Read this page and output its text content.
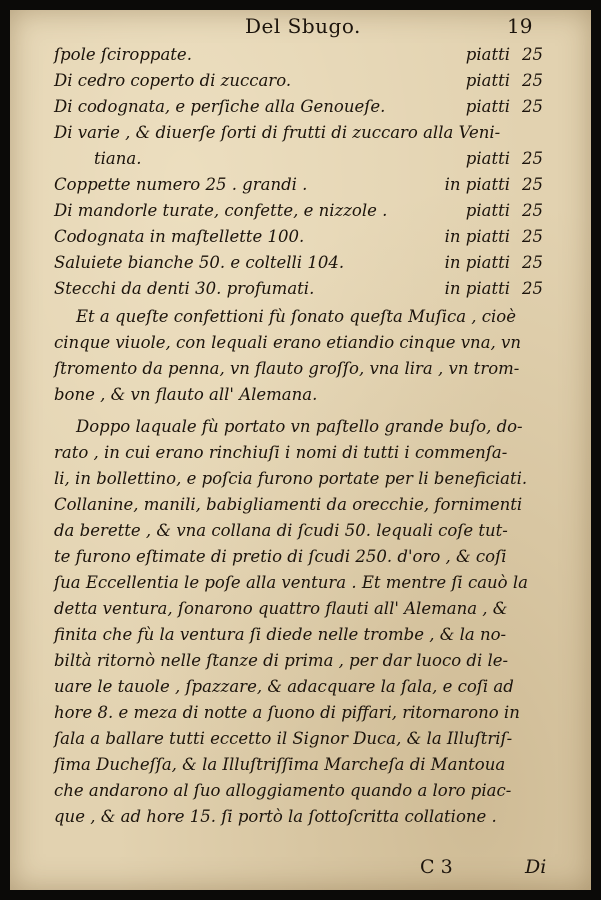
Del Sbugo.	19
ſpole ſciroppate.	piatti 25
Di cedro coperto di zuccaro.	piatti 25
Di codognata, e perſiche alla Genoueſe.	piatti 25
Di varie , & diuerſe ſorti di frutti di zuccaro alla Veni-
tiana.	piatti 25
Coppette numero 25 . grandi .	in piatti 25
Di mandorle turate, confette, e nizzole .	piatti 25
Codognata in maſtellette 100.	in piatti 25
Saluiete bianche 50. e coltelli 104.	in piatti 25
Stecchi da denti 30. profumati.	in piatti 25
Et a queſte confettioni fù ſonato queſta Muſica , cioè
cinque viuole, con lequali erano etiandio cinque vna, vn
ſtromento da penna, vn flauto groſſo, vna lira , vn trom-
bone , & vn flauto all' Alemana.
Doppo laquale fù portato vn paſtello grande buſo, do-
rato , in cui erano rinchiuſi i nomi di tutti i commenſa-
li, in bollettino, e poſcia furono portate per li beneficiati.
Collanine, manili, babigliamenti da orecchie, fornimenti
da berette , & vna collana di ſcudi 50. lequali coſe tut-
te furono eſtimate di pretio di ſcudi 250. d'oro , & coſi
ſua Eccellentia le poſe alla ventura . Et mentre ſi cauò la
detta ventura, ſonarono quattro flauti all' Alemana , &
finita che fù la ventura ſi diede nelle trombe , & la no-
biltà ritornò nelle ſtanze di prima , per dar luoco di le-
uare le tauole , ſpazzare, & adacquare la ſala, e coſi ad
hore 8. e meza di notte a ſuono di piffari, ritornarono in
ſala a ballare tutti eccetto il Signor Duca, & la Illuſtriſ-
ſima Ducheſſa, & la Illuſtriſſima Marcheſa di Mantoua
che andarono al ſuo alloggiamento quando a loro piac-
que , & ad hore 15. ſi portò la ſottoſcritta collatione .
C 3	Di
